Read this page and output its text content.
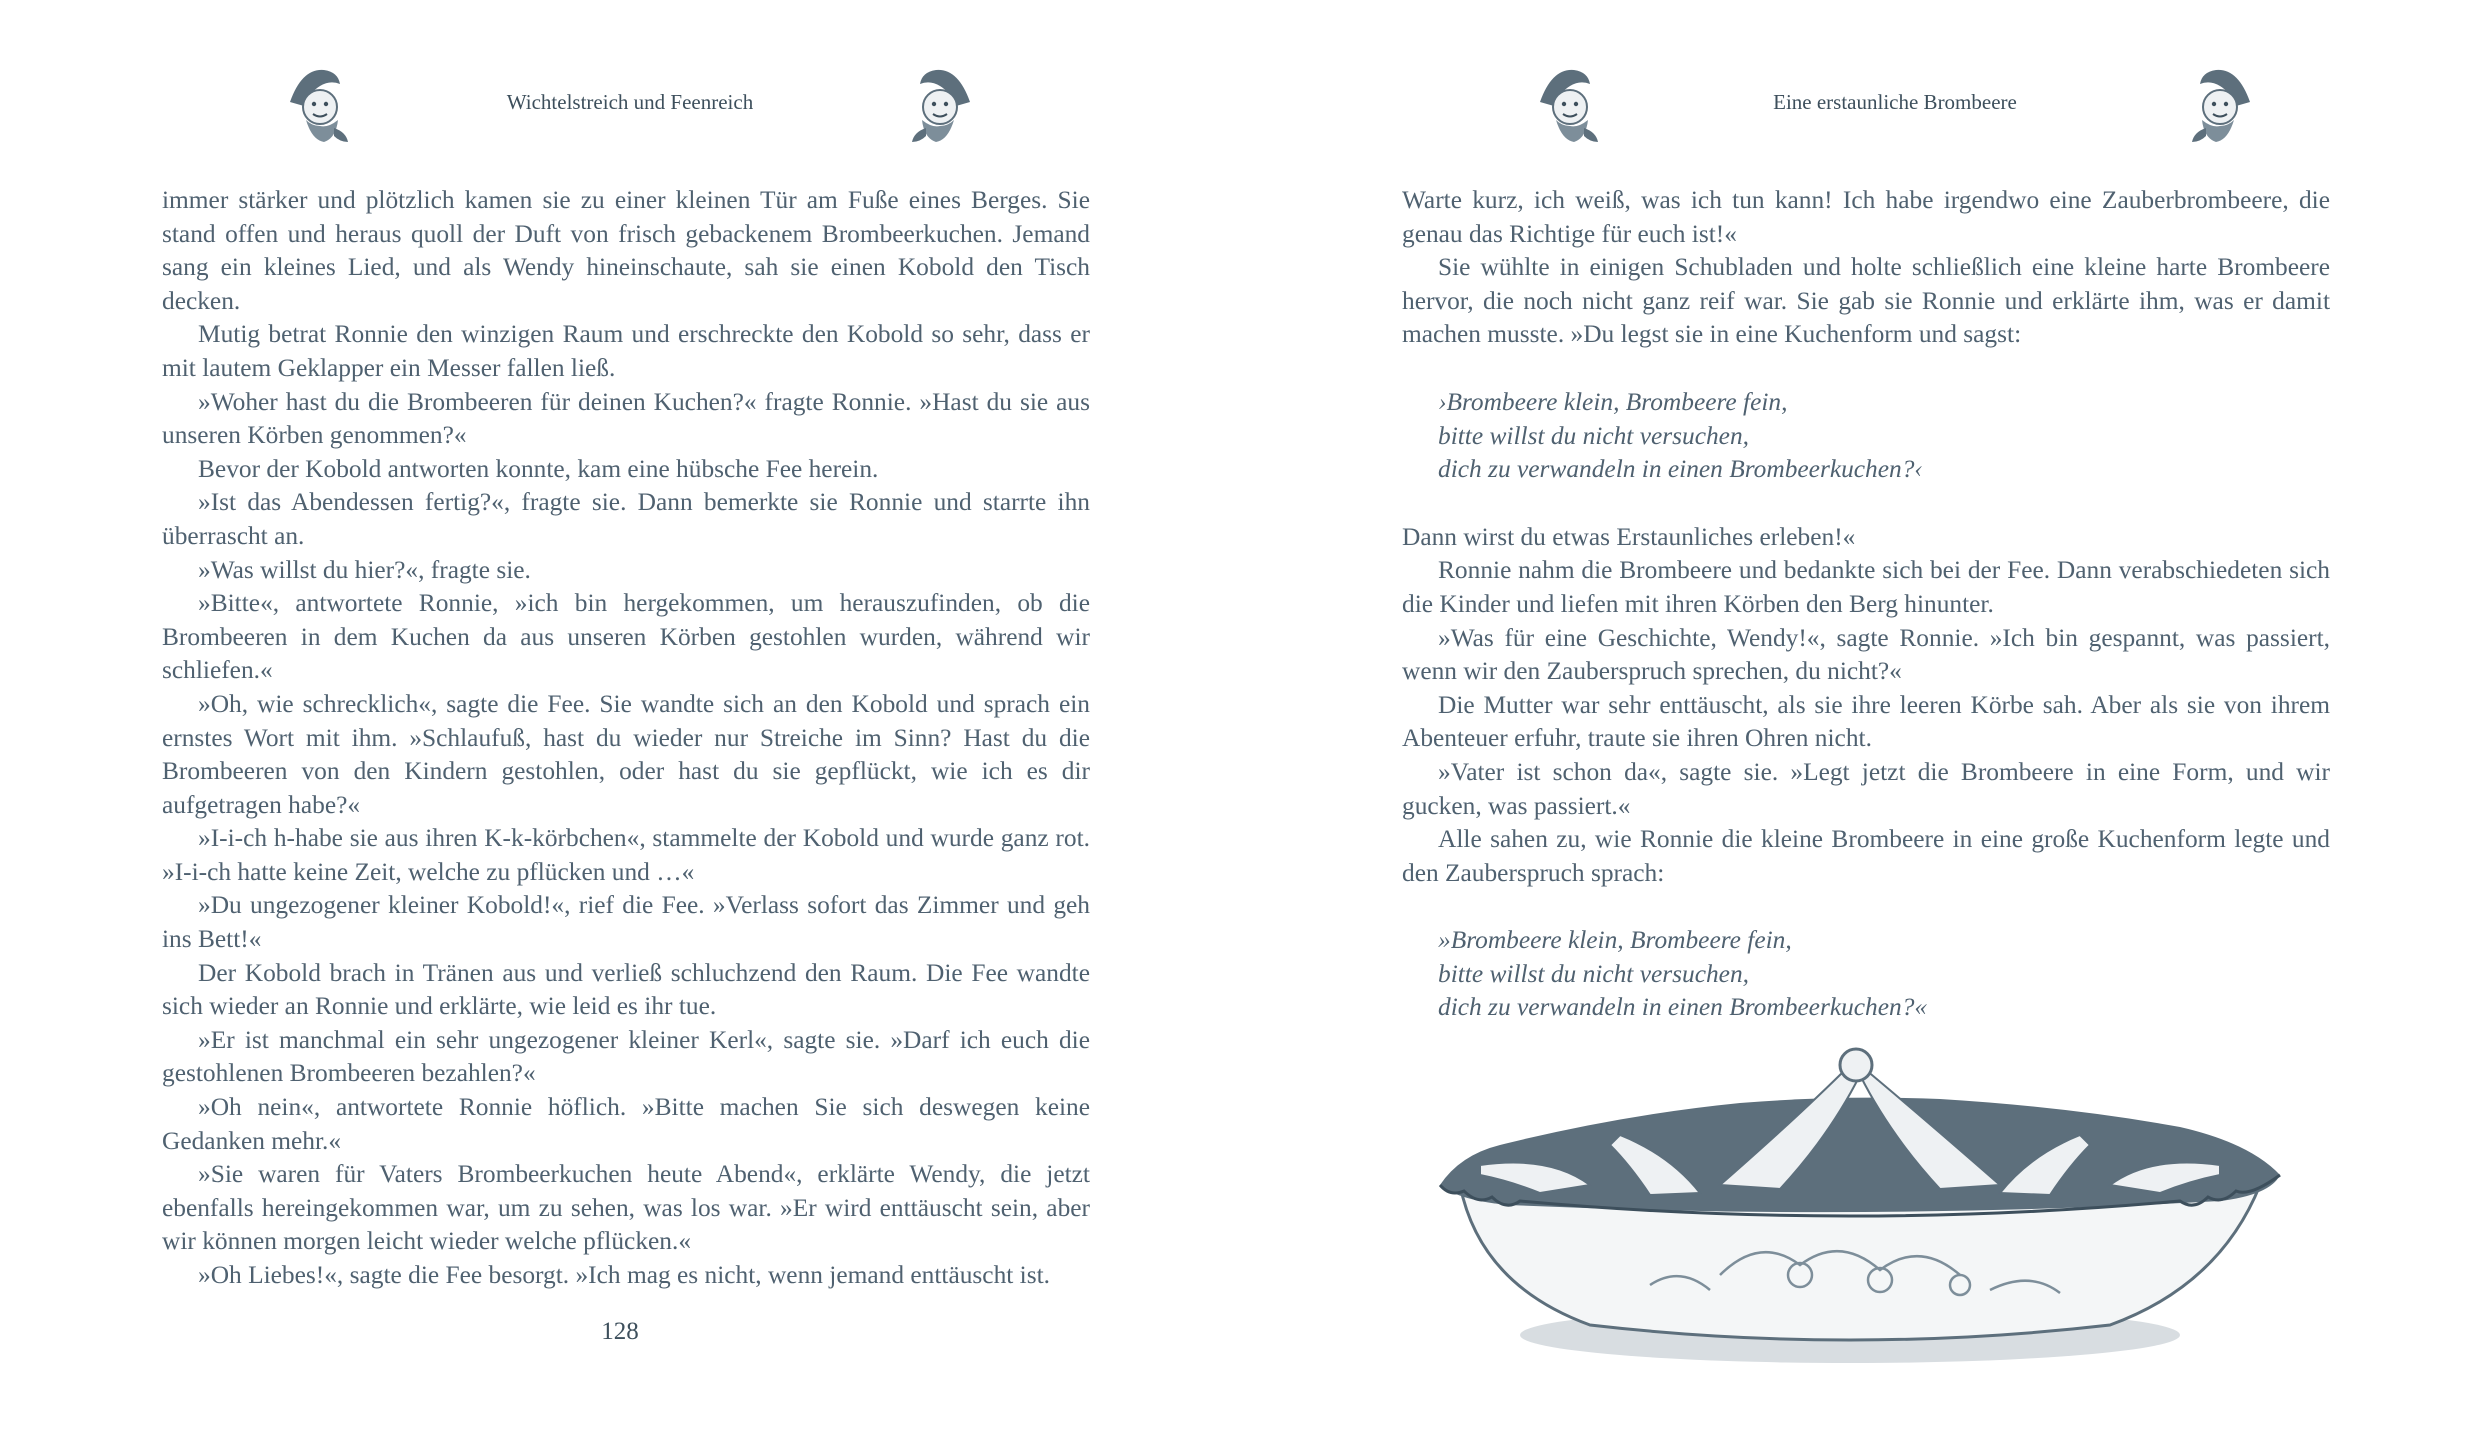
Wichtelstreich und Feenreich

immer stärker und plötzlich kamen sie zu einer kleinen Tür am Fuße eines Berges. Sie stand offen und heraus quoll der Duft von frisch gebackenem Brombeerkuchen. Jemand sang ein kleines Lied, und als Wendy hineinschaute, sah sie einen Kobold den Tisch decken.

Mutig betrat Ronnie den winzigen Raum und erschreckte den Kobold so sehr, dass er mit lautem Geklapper ein Messer fallen ließ.

»Woher hast du die Brombeeren für deinen Kuchen?« fragte Ronnie. »Hast du sie aus unseren Körben genommen?«

Bevor der Kobold antworten konnte, kam eine hübsche Fee herein.

»Ist das Abendessen fertig?«, fragte sie. Dann bemerkte sie Ronnie und starrte ihn überrascht an.

»Was willst du hier?«, fragte sie.

»Bitte«, antwortete Ronnie, »ich bin hergekommen, um herauszufinden, ob die Brombeeren in dem Kuchen da aus unseren Körben gestohlen wurden, während wir schliefen.«

»Oh, wie schrecklich«, sagte die Fee. Sie wandte sich an den Kobold und sprach ein ernstes Wort mit ihm. »Schlaufuß, hast du wieder nur Streiche im Sinn? Hast du die Brombeeren von den Kindern gestohlen, oder hast du sie gepflückt, wie ich es dir aufgetragen habe?«

»I-i-ch h-habe sie aus ihren K-k-körbchen«, stammelte der Kobold und wurde ganz rot. »I-i-ch hatte keine Zeit, welche zu pflücken und …«

»Du ungezogener kleiner Kobold!«, rief die Fee. »Verlass sofort das Zimmer und geh ins Bett!«

Der Kobold brach in Tränen aus und verließ schluchzend den Raum. Die Fee wandte sich wieder an Ronnie und erklärte, wie leid es ihr tue.

»Er ist manchmal ein sehr ungezogener kleiner Kerl«, sagte sie. »Darf ich euch die gestohlenen Brombeeren bezahlen?«

»Oh nein«, antwortete Ronnie höflich. »Bitte machen Sie sich deswegen keine Gedanken mehr.«

»Sie waren für Vaters Brombeerkuchen heute Abend«, erklärte Wendy, die jetzt ebenfalls hereingekommen war, um zu sehen, was los war. »Er wird enttäuscht sein, aber wir können morgen leicht wieder welche pflücken.«

»Oh Liebes!«, sagte die Fee besorgt. »Ich mag es nicht, wenn jemand enttäuscht ist.

128
Eine erstaunliche Brombeere

Warte kurz, ich weiß, was ich tun kann! Ich habe irgendwo eine Zauberbrombeere, die genau das Richtige für euch ist!«

Sie wühlte in einigen Schubladen und holte schließlich eine kleine harte Brombeere hervor, die noch nicht ganz reif war. Sie gab sie Ronnie und erklärte ihm, was er damit machen musste. »Du legst sie in eine Kuchenform und sagst:

›Brombeere klein, Brombeere fein,
bitte willst du nicht versuchen,
dich zu verwandeln in einen Brombeerkuchen?‹

Dann wirst du etwas Erstaunliches erleben!«

Ronnie nahm die Brombeere und bedankte sich bei der Fee. Dann verabschiedeten sich die Kinder und liefen mit ihren Körben den Berg hinunter.

»Was für eine Geschichte, Wendy!«, sagte Ronnie. »Ich bin gespannt, was passiert, wenn wir den Zauberspruch sprechen, du nicht?«

Die Mutter war sehr enttäuscht, als sie ihre leeren Körbe sah. Aber als sie von ihrem Abenteuer erfuhr, traute sie ihren Ohren nicht.

»Vater ist schon da«, sagte sie. »Legt jetzt die Brombeere in eine Form, und wir gucken, was passiert.«

Alle sahen zu, wie Ronnie die kleine Brombeere in eine große Kuchenform legte und den Zauberspruch sprach:

»Brombeere klein, Brombeere fein,
bitte willst du nicht versuchen,
dich zu verwandeln in einen Brombeerkuchen?«
